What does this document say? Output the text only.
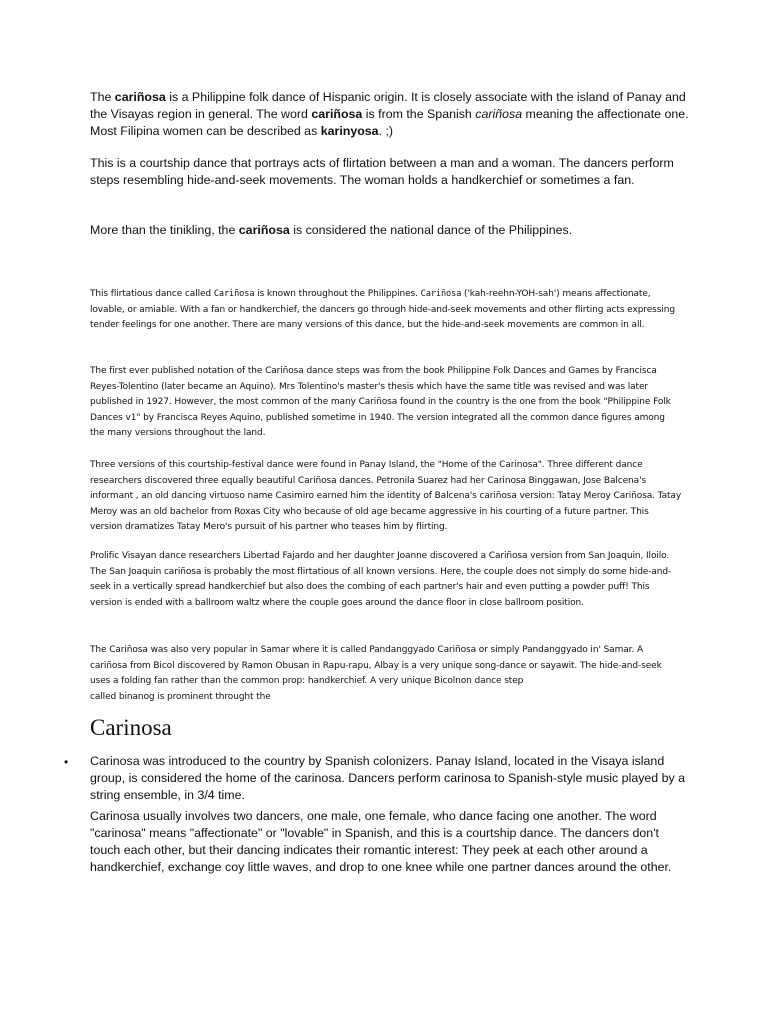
The cariñosa is a Philippine folk dance of Hispanic origin. It is closely associate with the island of Panay and the Visayas region in general. The word cariñosa is from the Spanish cariñosa meaning the affectionate one. Most Filipina women can be described as karinyosa. ;)

This is a courtship dance that portrays acts of flirtation between a man and a woman. The dancers perform steps resembling hide-and-seek movements. The woman holds a handkerchief or sometimes a fan.

More than the tinikling, the cariñosa is considered the national dance of the Philippines.

This flirtatious dance called Cariñosa is known throughout the Philippines. Cariñosa ('kah-reehn-YOH-sah') means affectionate, lovable, or amiable. With a fan or handkerchief, the dancers go through hide-and-seek movements and other flirting acts expressing tender feelings for one another. There are many versions of this dance, but the hide-and-seek movements are common in all.

The first ever published notation of the Cariñosa dance steps was from the book Philippine Folk Dances and Games by Francisca Reyes-Tolentino (later became an Aquino). Mrs Tolentino's master's thesis which have the same title was revised and was later published in 1927. However, the most common of the many Cariñosa found in the country is the one from the book "Philippine Folk Dances v1" by Francisca Reyes Aquino, published sometime in 1940. The version integrated all the common dance figures among the many versions throughout the land.

Three versions of this courtship-festival dance were found in Panay Island, the "Home of the Carinosa". Three different dance researchers discovered three equally beautiful Cariñosa dances. Petronila Suarez had her Carinosa Binggawan, Jose Balcena's informant , an old dancing virtuoso name Casimiro earned him the identity of Balcena's cariñosa version: Tatay Meroy Cariñosa. Tatay Meroy was an old bachelor from Roxas City who because of old age became aggressive in his courting of a future partner. This version dramatizes Tatay Mero's pursuit of his partner who teases him by flirting.

Prolific Visayan dance researchers Libertad Fajardo and her daughter Joanne discovered a Cariñosa version from San Joaquin, Iloilo. The San Joaquin cariñosa is probably the most flirtatious of all known versions. Here, the couple does not simply do some hide-and-seek in a vertically spread handkerchief but also does the combing of each partner's hair and even putting a powder puff! This version is ended with a ballroom waltz where the couple goes around the dance floor in close ballroom position.

The Cariñosa was also very popular in Samar where it is called Pandanggyado Cariñosa or simply Pandanggyado in' Samar. A cariñosa from Bicol discovered by Ramon Obusan in Rapu-rapu, Albay is a very unique song-dance or sayawit. The hide-and-seek uses a folding fan rather than the common prop: handkerchief. A very unique Bicolnon dance step
called binanog is prominent throught the

Carinosa
• Carinosa was introduced to the country by Spanish colonizers. Panay Island, located in the Visaya island group, is considered the home of the carinosa. Dancers perform carinosa to Spanish-style music played by a string ensemble, in 3/4 time.

Carinosa usually involves two dancers, one male, one female, who dance facing one another. The word "carinosa" means "affectionate" or "lovable" in Spanish, and this is a courtship dance. The dancers don't touch each other, but their dancing indicates their romantic interest: They peek at each other around a handkerchief, exchange coy little waves, and drop to one knee while one partner dances around the other.
